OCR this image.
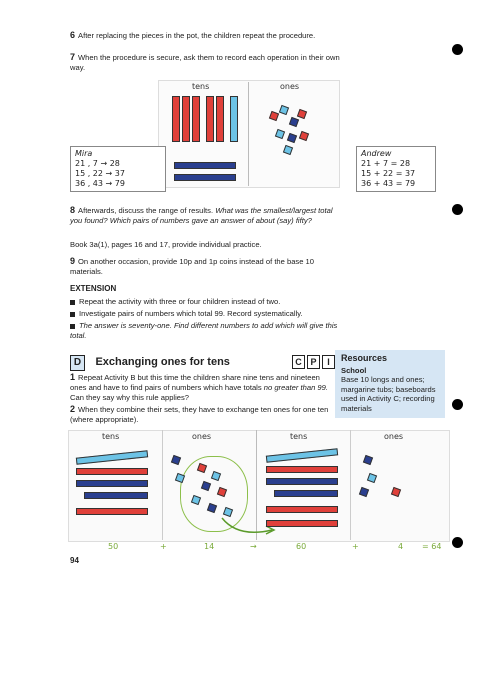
6 After replacing the pieces in the pot, the children repeat the procedure.
7 When the procedure is secure, ask them to record each operation in their own way.
tens	ones
Mira
21 , 7 → 28
15 , 22 → 37
36 , 43 → 79
Andrew
21 + 7 = 28
15 + 22 = 37
36 + 43 = 79
8 Afterwards, discuss the range of results. What was the smallest/largest total you found? Which pairs of numbers gave an answer of about (say) fifty?
Book 3a(1), pages 16 and 17, provide individual practice.
9 On another occasion, provide 10p and 1p coins instead of the base 10 materials.
EXTENSION
Repeat the activity with three or four children instead of two.
Investigate pairs of numbers which total 99. Record systematically.
The answer is seventy-one. Find different numbers to add which will give this total.
D Exchanging ones for tens	C P I
1 Repeat Activity B but this time the children share nine tens and nineteen ones and have to find pairs of numbers which have totals no greater than 99. Can they say why this rule applies?
2 When they combine their sets, they have to exchange ten ones for one ten (where appropriate).
Resources
School
Base 10 longs and ones; margarine tubs; baseboards used in Activity C; recording materials
tens	ones	tens	ones
50	+	14	→	60	+	4 = 64
94
